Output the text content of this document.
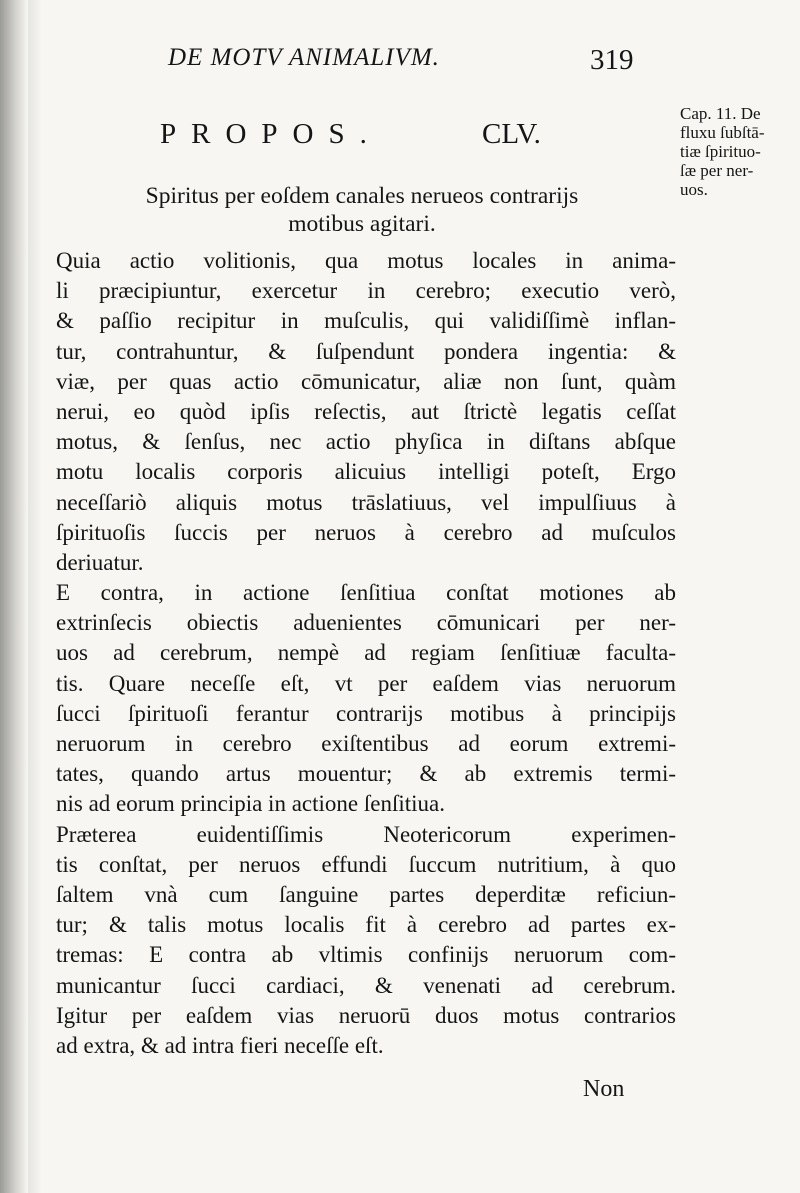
DE MOTV ANIMALIVM.	319
PROPOS.	CLV.
Cap. 11. De
fluxu ſubſtā-
tiæ ſpirituo-
ſæ per ner-
uos.
Spiritus per eoſdem canales nerueos contrarijs
motibus agitari.
Quia actio volitionis, qua motus locales in anima-
li præcipiuntur, exercetur in cerebro; executio verò,
& paſſio recipitur in muſculis, qui validiſſimè inflan-
tur, contrahuntur, & ſuſpendunt pondera ingentia: &
viæ, per quas actio cōmunicatur, aliæ non ſunt, quàm
nerui, eo quòd ipſis reſectis, aut ſtrictè legatis ceſſat
motus, & ſenſus, nec actio phyſica in diſtans abſque
motu localis corporis alicuius intelligi poteſt, Ergo
neceſſariò aliquis motus trāslatiuus, vel impulſiuus à
ſpirituoſis ſuccis per neruos à cerebro ad muſculos
deriuatur.
E contra, in actione ſenſitiua conſtat motiones ab
extrinſecis obiectis aduenientes cōmunicari per ner-
uos ad cerebrum, nempè ad regiam ſenſitiuæ faculta-
tis. Quare neceſſe eſt, vt per eaſdem vias neruorum
ſucci ſpirituoſi ferantur contrarijs motibus à principijs
neruorum in cerebro exiſtentibus ad eorum extremi-
tates, quando artus mouentur; & ab extremis termi-
nis ad eorum principia in actione ſenſitiua.
Præterea euidentiſſimis Neotericorum experimen-
tis conſtat, per neruos effundi ſuccum nutritium, à quo
ſaltem vnà cum ſanguine partes deperditæ reficiun-
tur; & talis motus localis fit à cerebro ad partes ex-
tremas: E contra ab vltimis confinijs neruorum com-
municantur ſucci cardiaci, & venenati ad cerebrum.
Igitur per eaſdem vias neruorū duos motus contrarios
ad extra, & ad intra fieri neceſſe eſt.
Non
